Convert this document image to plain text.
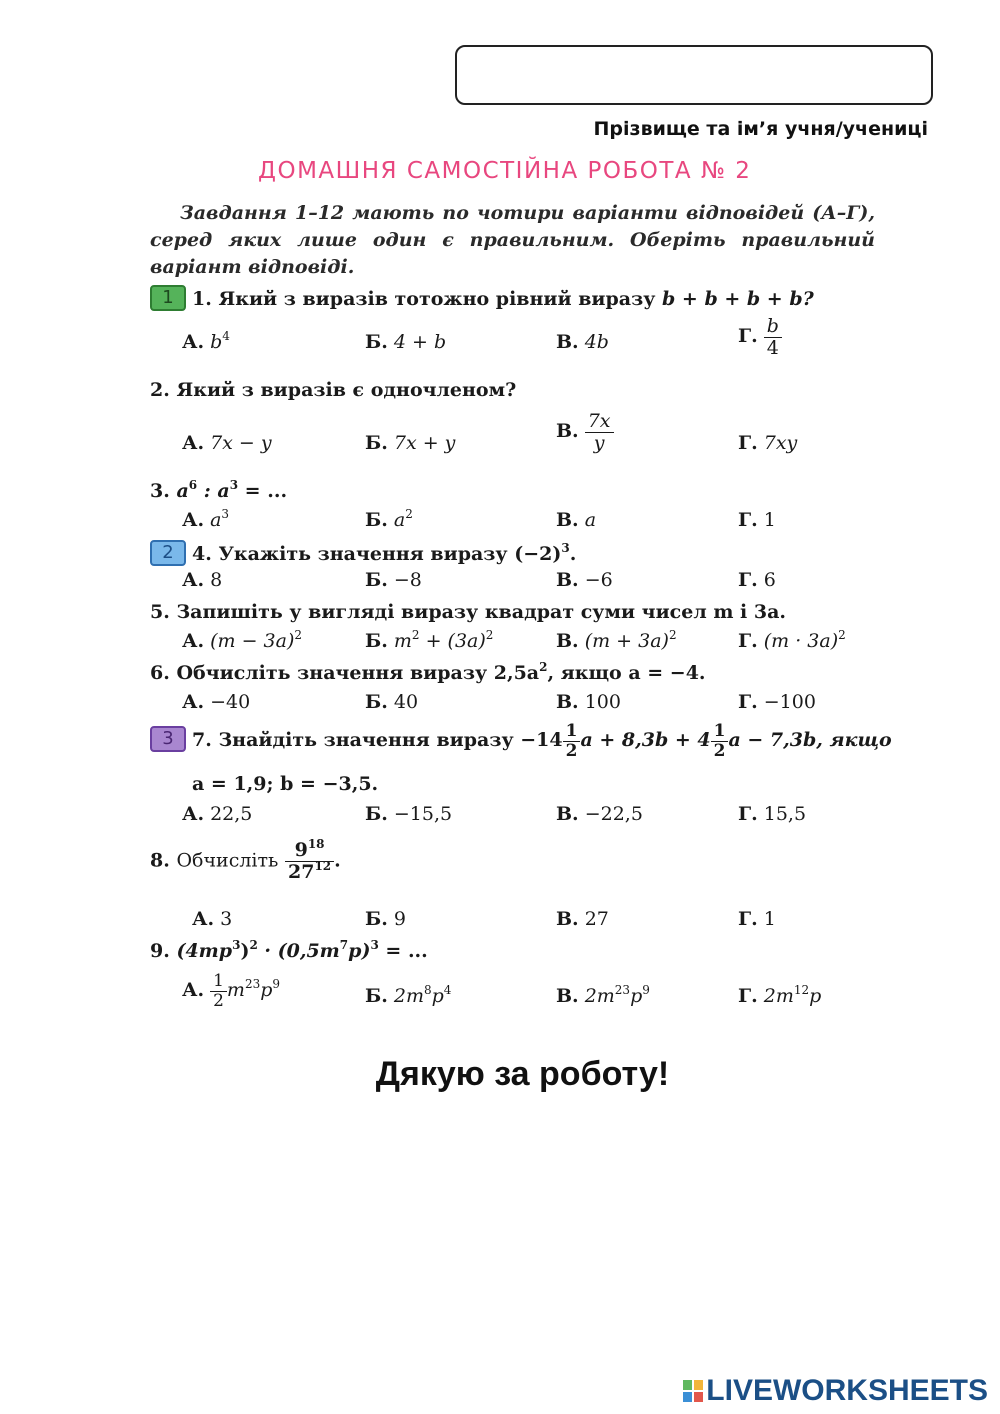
Прізвище та ім’я учня/учениці
ДОМАШНЯ САМОСТІЙНА РОБОТА № 2
Завдання 1–12 мають по чотири варіанти відповідей (А–Г), серед яких лише один є правильним. Оберіть правильний варіант відповіді.
1 1. Який з виразів тотожно рівний виразу b + b + b + b?
А. $b^4$	Б. 4 + b	В. 4b	Г. $\frac{b}{4}$
2. Який з виразів є одночленом?
А. 7x − y	Б. 7x + y
В. $\frac{7x}{y}$	Г. 7xy
3. $a^6$ : $a^3$ = ...
А. $a^3$	Б. $a^2$	В. a	Г. 1
2 4. Укажіть значення виразу $(-2)^3$.
А. 8	Б. −8	В. −6	Г. 6
5. Запишіть у вигляді виразу квадрат суми чисел m і 3a.
А. $(m - 3a)^2$	Б. $m^2 + (3a)^2$	В. $(m + 3a)^2$	Г. $(m \cdot 3a)^2$
6. Обчисліть значення виразу $2,5a^2$, якщо a = −4.
А. −40	Б. 40	В. 100	Г. −100
3 7. Знайдіть значення виразу $-14 \frac{1}{2}$ $a + 8,3b + 4 \frac{1}{2}$ a − 7,3b, якщо
a = 1,9; b = −3,5.
А. 22,5	Б. −15,5	В. −22,5	Г. 15,5
8. Обчисліть $\frac{9^{18}}{27^{12}}$ .
А. 3	Б. 9	В. 27	Г. 1
9. $(4mp^3)^2 \cdot (0,5m^7p)^3$ = ...
А. $\frac{1}{2} m^{23}p^9$
Б. $2m^8p^4$	В. $2m^{23}p^9$	Г. $2m^{12}p$
Дякую за роботу!
LIVEWORKSHEETS
